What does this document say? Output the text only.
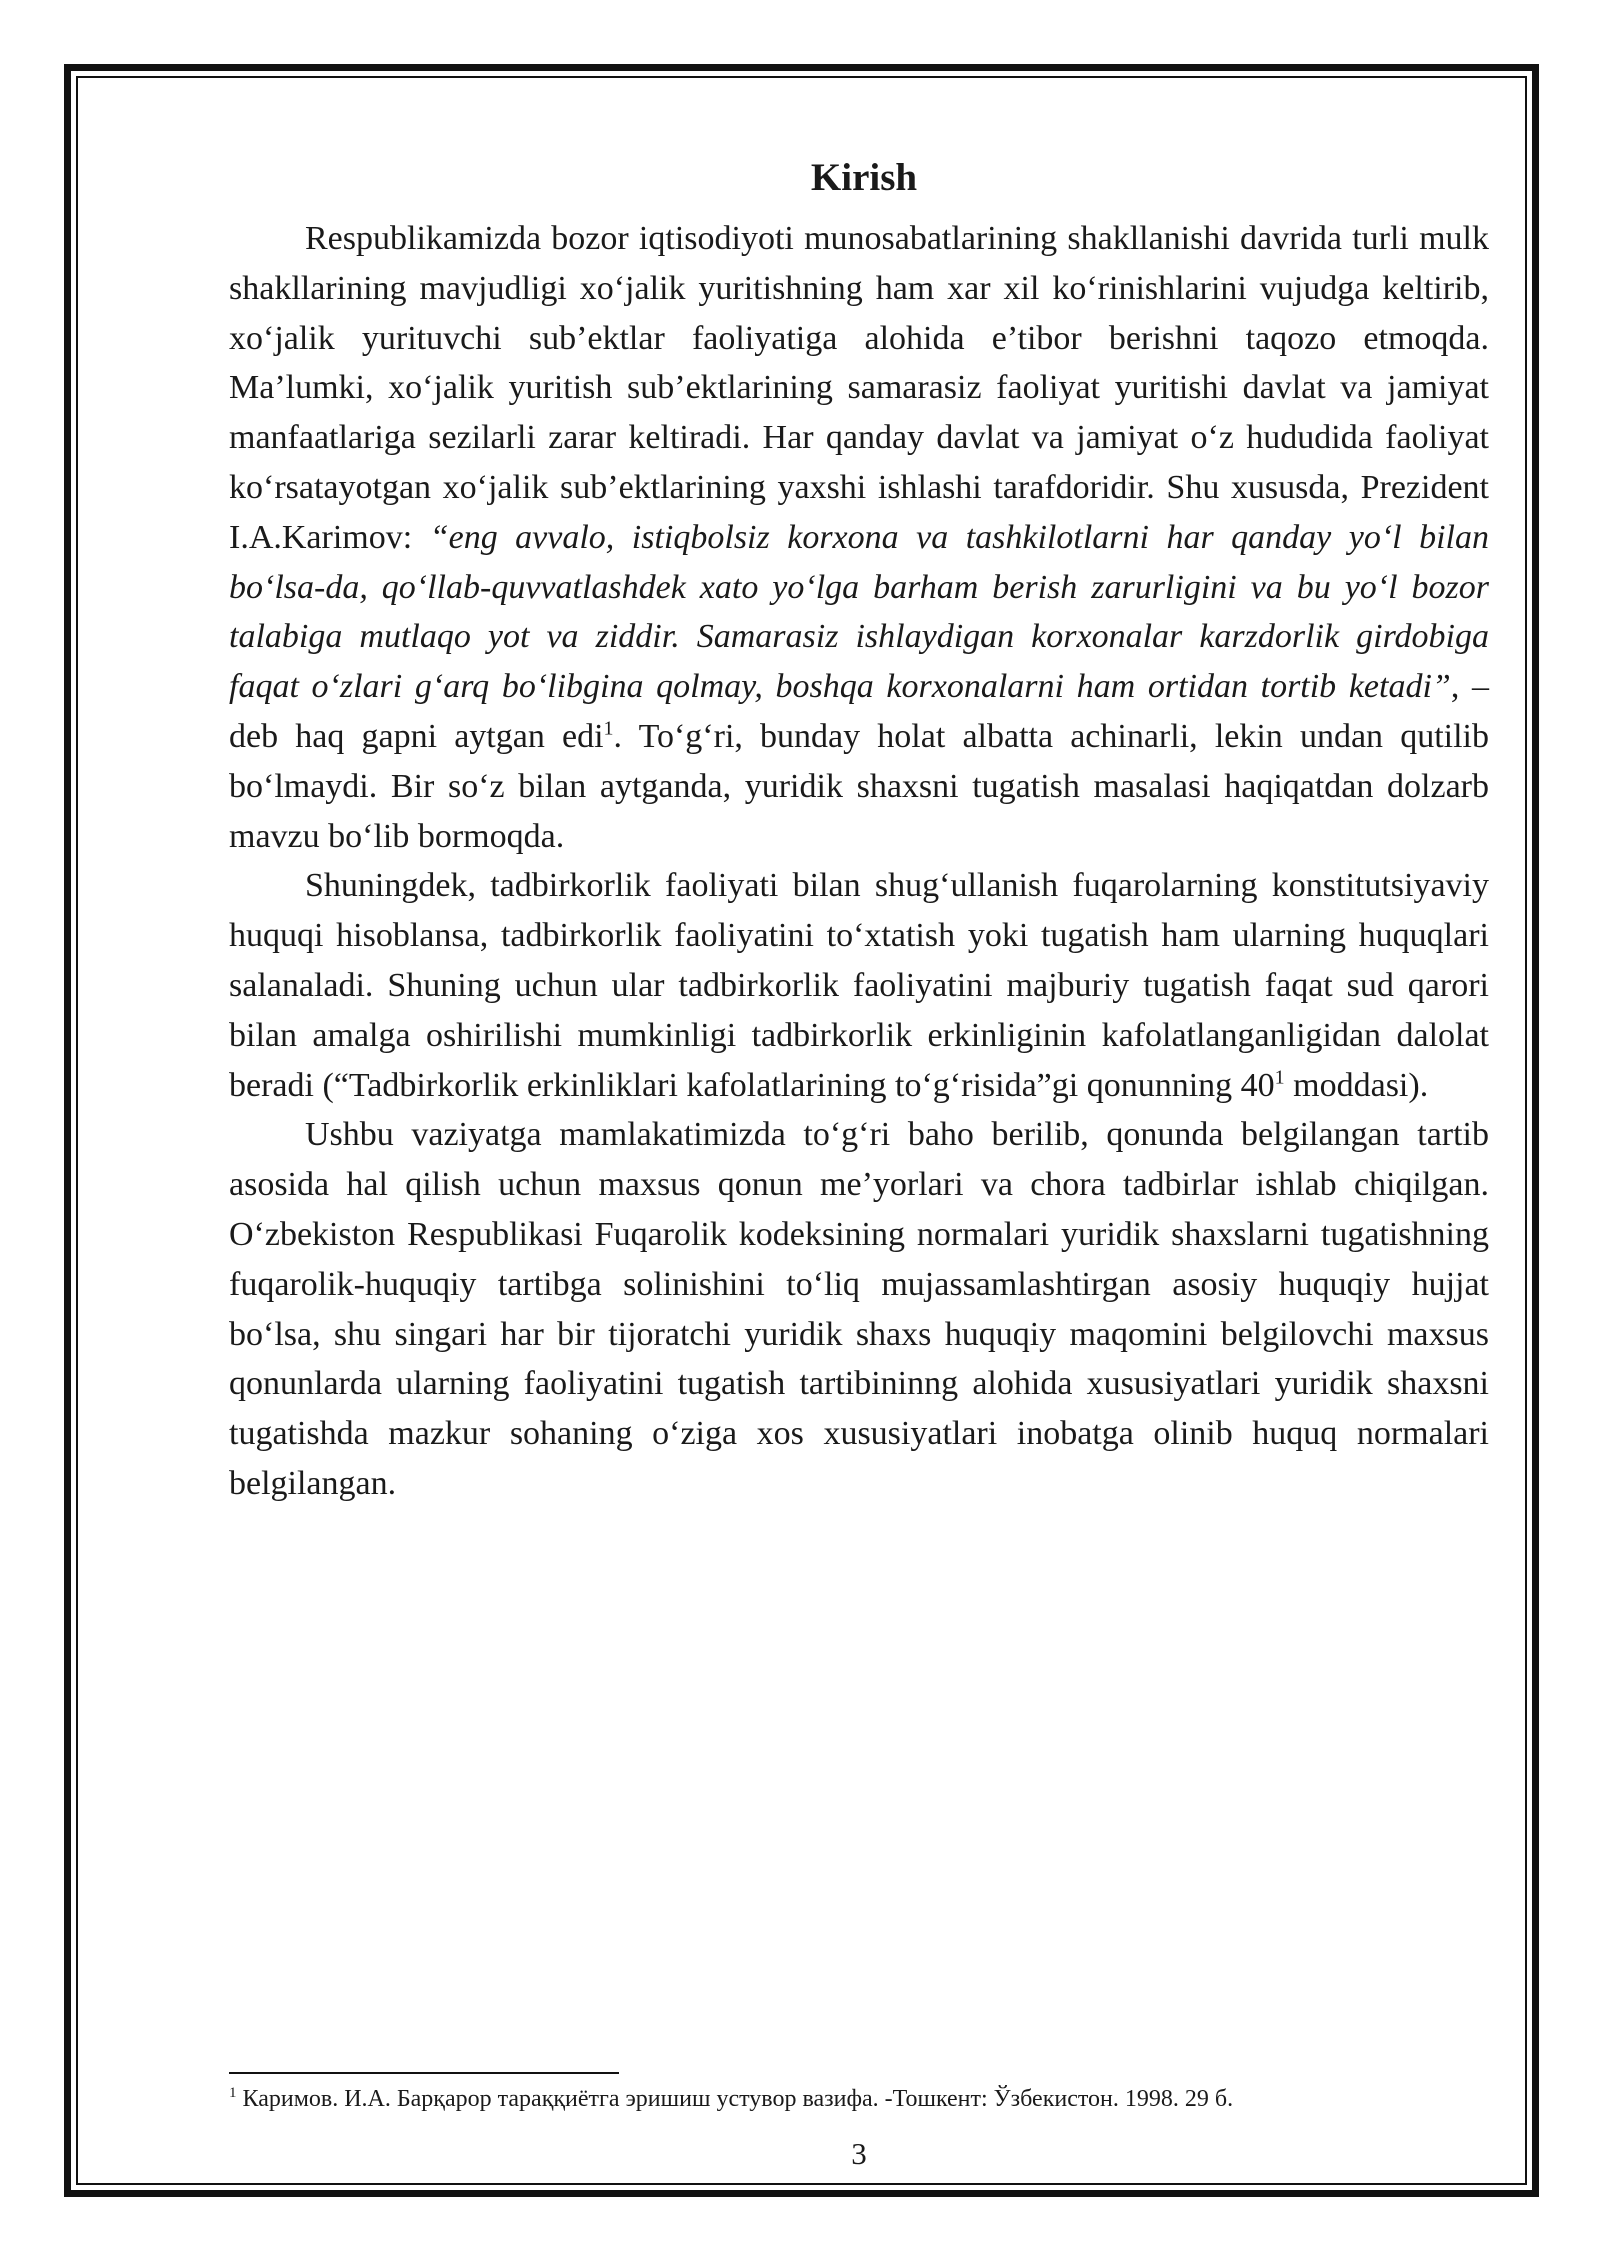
Kirish

Respublikamizda bozor iqtisodiyoti munosabatlarining shakllanishi davrida turli mulk shakllarining mavjudligi xo‘jalik yuritishning ham xar xil ko‘rinishlarini vujudga keltirib, xo‘jalik yurituvchi sub’ektlar faoliyatiga alohida e’tibor berishni taqozo etmoqda. Ma’lumki, xo‘jalik yuritish sub’ektlarining samarasiz faoliyat yuritishi davlat va jamiyat manfaatlariga sezilarli zarar keltiradi. Har qanday davlat va jamiyat o‘z hududida faoliyat ko‘rsatayotgan xo‘jalik sub’ektlarining yaxshi ishlashi tarafdoridir. Shu xususda, Prezident I.A.Karimov: “eng avvalo, istiqbolsiz korxona va tashkilotlarni har qanday yo‘l bilan bo‘lsa-da, qo‘llab-quvvatlashdek xato yo‘lga barham berish zarurligini va bu yo‘l bozor talabiga mutlaqo yot va ziddir. Samarasiz ishlaydigan korxonalar karzdorlik girdobiga faqat o‘zlari g‘arq bo‘libgina qolmay, boshqa korxonalarni ham ortidan tortib ketadi”, – deb haq gapni aytgan edi$^1$. To‘g‘ri, bunday holat albatta achinarli, lekin undan qutilib bo‘lmaydi. Bir so‘z bilan aytganda, yuridik shaxsni tugatish masalasi haqiqatdan dolzarb mavzu bo‘lib bormoqda.

Shuningdek, tadbirkorlik faoliyati bilan shug‘ullanish fuqarolarning konstitutsiyaviy huquqi hisoblansa, tadbirkorlik faoliyatini to‘xtatish yoki tugatish ham ularning huquqlari salanaladi. Shuning uchun ular tadbirkorlik faoliyatini majburiy tugatish faqat sud qarori bilan amalga oshirilishi mumkinligi tadbirkorlik erkinliginin kafolatlanganligidan dalolat beradi (“Tadbirkorlik erkinliklari kafolatlarining to‘g‘risida”gi qonunning 40$^1$ moddasi).

Ushbu vaziyatga mamlakatimizda to‘g‘ri baho berilib, qonunda belgilangan tartib asosida hal qilish uchun maxsus qonun me’yorlari va chora tadbirlar ishlab chiqilgan. O‘zbekiston Respublikasi Fuqarolik kodeksining normalari yuridik shaxslarni tugatishning fuqarolik-huquqiy tartibga solinishini to‘liq mujassamlashtirgan asosiy huquqiy hujjat bo‘lsa, shu singari har bir tijoratchi yuridik shaxs huquqiy maqomini belgilovchi maxsus qonunlarda ularning faoliyatini tugatish tartibininng alohida xususiyatlari yuridik shaxsni tugatishda mazkur sohaning o‘ziga xos xususiyatlari inobatga olinib huquq normalari belgilangan.

$^1$ Каримов. И.А. Барқарор тараққиётга эришиш устувор вазифа. -Тошкент: Ўзбекистон. 1998. 29 б.
3
